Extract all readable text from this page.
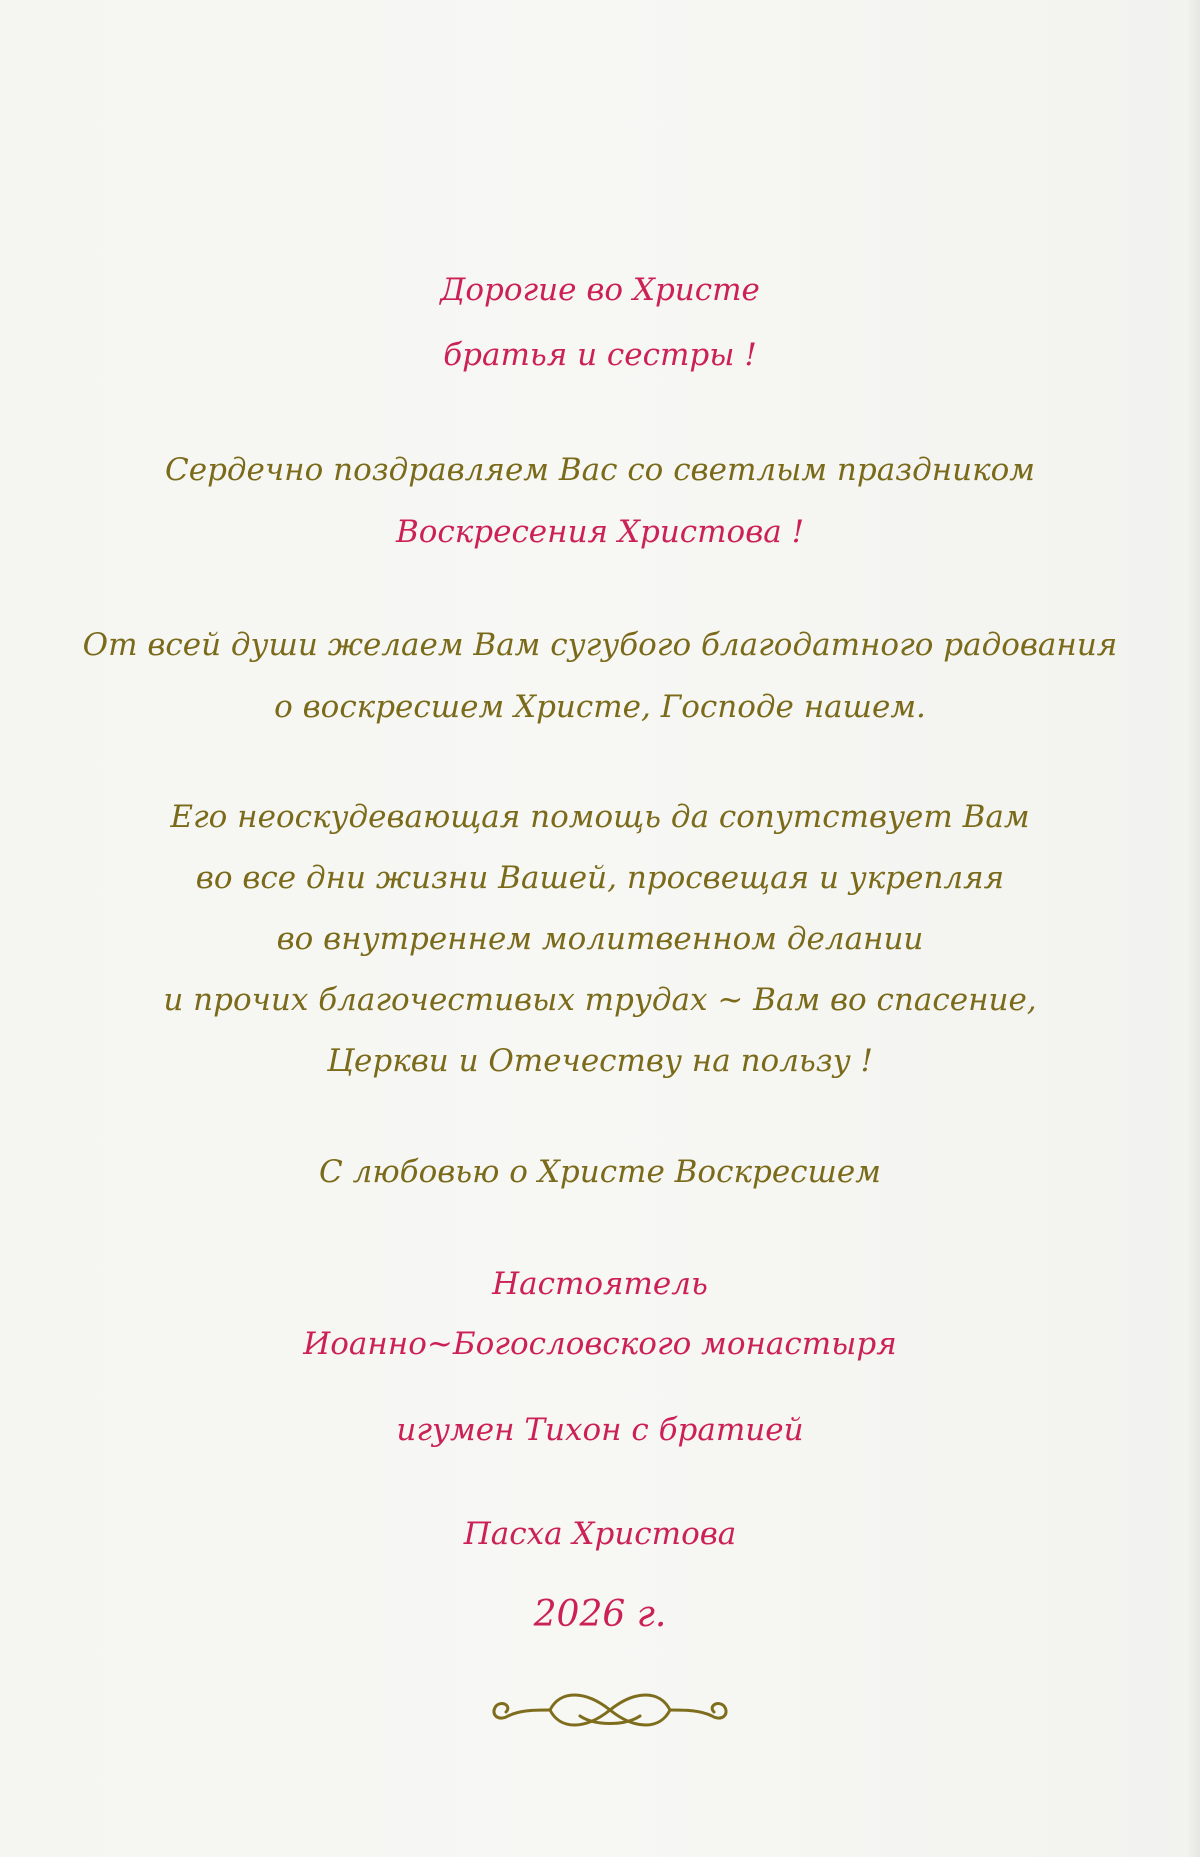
Дорогие во Христе
братья и сестры !
Сердечно поздравляем Вас со светлым праздником
Воскресения Христова !
От всей души желаем Вам сугубого благодатного радования
о воскресшем Христе, Господе нашем.
Его неоскудевающая помощь да сопутствует Вам
во все дни жизни Вашей, просвещая и укрепляя
во внутреннем молитвенном делании
и прочих благочестивых трудах ~ Вам во спасение,
Церкви и Отечеству на пользу !
С любовью о Христе Воскресшем
Настоятель
Иоанно~Богословского монастыря
игумен Тихон с братией
Пасха Христова
2026 г.
